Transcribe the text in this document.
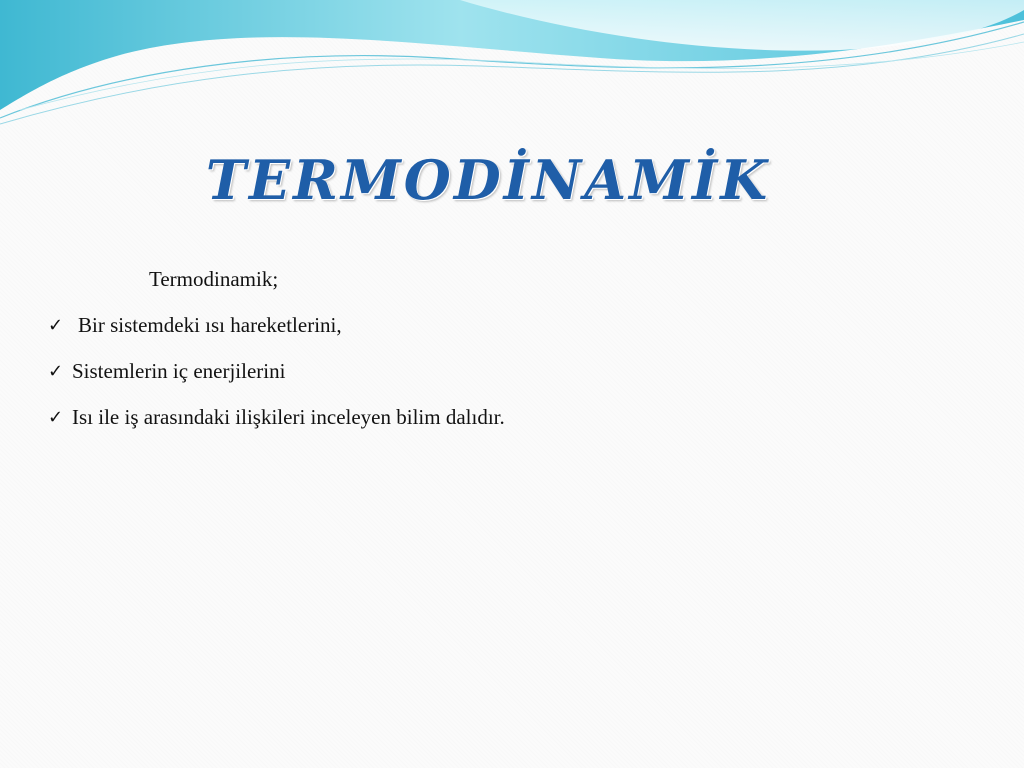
TERMODİNAMİK
Termodinamik;
✓ Bir sistemdeki ısı hareketlerini,
✓ Sistemlerin iç enerjilerini
✓ Isı ile iş arasındaki ilişkileri inceleyen bilim dalıdır.
